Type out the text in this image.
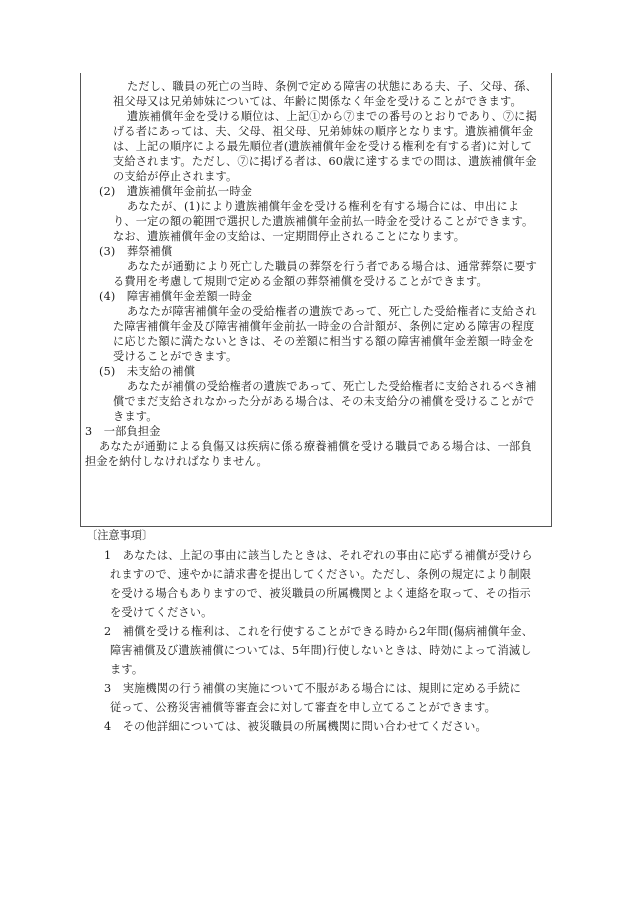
ただし、職員の死亡の当時、条例で定める障害の状態にある夫、子、父母、孫、
祖父母又は兄弟姉妹については、年齢に関係なく年金を受けることができます。
遺族補償年金を受ける順位は、上記①から⑦までの番号のとおりであり、⑦に掲
げる者にあっては、夫、父母、祖父母、兄弟姉妹の順序となります。遺族補償年金
は、上記の順序による最先順位者(遺族補償年金を受ける権利を有する者)に対して
支給されます。ただし、⑦に掲げる者は、60歳に達するまでの間は、遺族補償年金
の支給が停止されます。
(2)　遺族補償年金前払一時金
あなたが、(1)により遺族補償年金を受ける権利を有する場合には、申出によ
り、一定の額の範囲で選択した遺族補償年金前払一時金を受けることができます。
なお、遺族補償年金の支給は、一定期間停止されることになります。
(3)　葬祭補償
あなたが通勤により死亡した職員の葬祭を行う者である場合は、通常葬祭に要す
る費用を考慮して規則で定める金額の葬祭補償を受けることができます。
(4)　障害補償年金差額一時金
あなたが障害補償年金の受給権者の遺族であって、死亡した受給権者に支給され
た障害補償年金及び障害補償年金前払一時金の合計額が、条例に定める障害の程度
に応じた額に満たないときは、その差額に相当する額の障害補償年金差額一時金を
受けることができます。
(5)　未支給の補償
あなたが補償の受給権者の遺族であって、死亡した受給権者に支給されるべき補
償でまだ支給されなかった分がある場合は、その未支給分の補償を受けることがで
きます。
3　一部負担金
あなたが通勤による負傷又は疾病に係る療養補償を受ける職員である場合は、一部負
担金を納付しなければなりません。
〔注意事項〕
1　あなたは、上記の事由に該当したときは、それぞれの事由に応ずる補償が受けら
れますので、速やかに請求書を提出してください。ただし、条例の規定により制限
を受ける場合もありますので、被災職員の所属機関とよく連絡を取って、その指示
を受けてください。
2　補償を受ける権利は、これを行使することができる時から2年間(傷病補償年金、
障害補償及び遺族補償については、5年間)行使しないときは、時効によって消滅し
ます。
3　実施機関の行う補償の実施について不服がある場合には、規則に定める手続に
従って、公務災害補償等審査会に対して審査を申し立てることができます。
4　その他詳細については、被災職員の所属機関に問い合わせてください。
